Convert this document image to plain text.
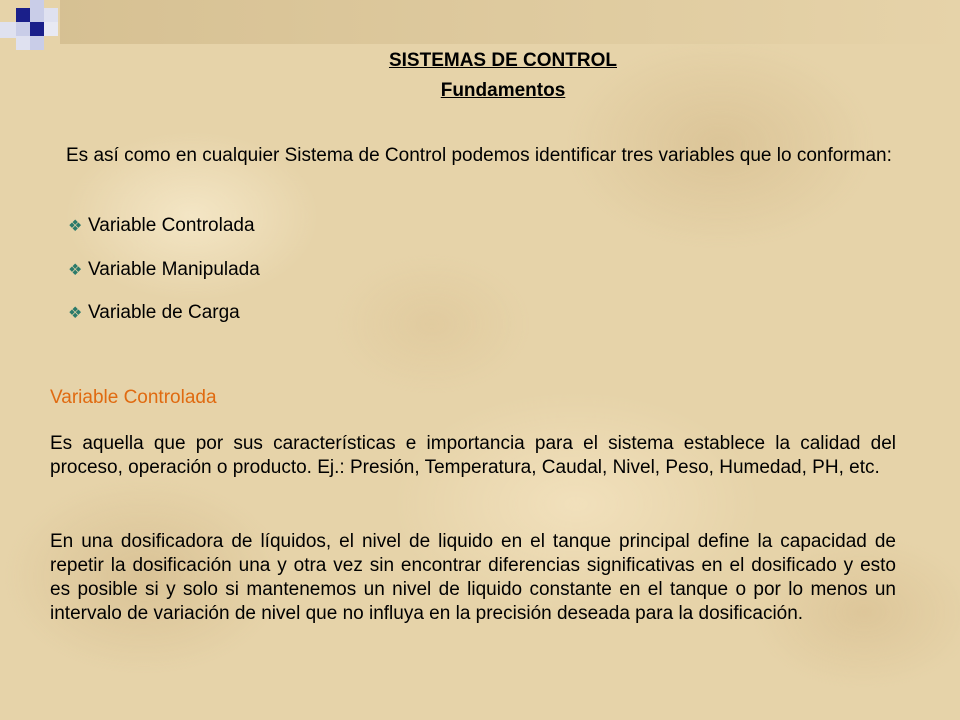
SISTEMAS DE CONTROL
Fundamentos

Es así como en cualquier Sistema de Control podemos identificar tres variables que lo conforman:

❖ Variable Controlada
❖ Variable Manipulada
❖ Variable de Carga
Variable Controlada

Es aquella que por sus características e importancia para el sistema establece la calidad del proceso, operación o producto. Ej.: Presión, Temperatura, Caudal, Nivel, Peso, Humedad, PH, etc.

En una dosificadora de líquidos, el nivel de liquido en el tanque principal define la capacidad de repetir la dosificación una y otra vez sin encontrar diferencias significativas en el dosificado y esto es posible si y solo si mantenemos un nivel de liquido constante en el tanque o por lo menos un intervalo de variación de nivel que no influya en la precisión deseada para la dosificación.
